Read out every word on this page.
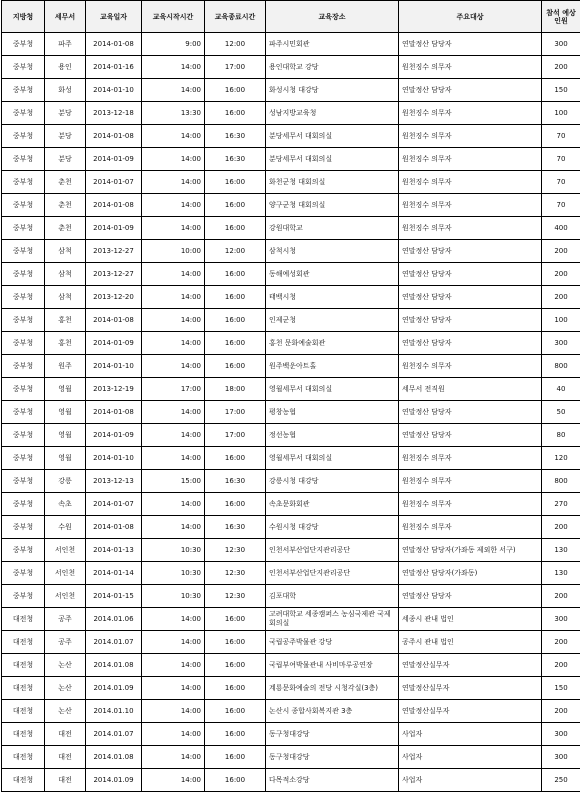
지방청	세무서	교육일자	교육시작시간	교육종료시간	교육장소	주요대상	참석 예상인원
중부청	파주	2014-01-08	9:00	12:00	파주시민회관	연말정산 담당자	300
중부청	용인	2014-01-16	14:00	17:00	용인대학교 강당	원천징수 의무자	200
중부청	화성	2014-01-10	14:00	16:00	화성시청 대강당	연말정산 담당자	150
중부청	분당	2013-12-18	13:30	16:00	성남지방교육청	원천징수 의무자	100
중부청	분당	2014-01-08	14:00	16:30	분당세무서 대회의실	원천징수 의무자	70
중부청	분당	2014-01-09	14:00	16:30	분당세무서 대회의실	원천징수 의무자	70
중부청	춘천	2014-01-07	14:00	16:00	화천군청 대회의실	원천징수 의무자	70
중부청	춘천	2014-01-08	14:00	16:00	양구군청 대회의실	원천징수 의무자	70
중부청	춘천	2014-01-09	14:00	16:00	강원대학교	원천징수 의무자	400
중부청	삼척	2013-12-27	10:00	12:00	삼척시청	연말정산 담당자	200
중부청	삼척	2013-12-27	14:00	16:00	동해예성회관	연말정산 담당자	200
중부청	삼척	2013-12-20	14:00	16:00	태백시청	연말정산 담당자	200
중부청	홍천	2014-01-08	14:00	16:00	인제군청	연말정산 담당자	100
중부청	홍천	2014-01-09	14:00	16:00	홍천 문화예술회관	연말정산 담당자	300
중부청	원주	2014-01-10	14:00	16:00	원주백운아트홀	원천징수 의무자	800
중부청	영월	2013-12-19	17:00	18:00	영월세무서 대회의실	세무서 전직원	40
중부청	영월	2014-01-08	14:00	17:00	평창농협	연말정산 담당자	50
중부청	영월	2014-01-09	14:00	17:00	정선농협	연말정산 담당자	80
중부청	영월	2014-01-10	14:00	16:00	영월세무서 대회의실	원천징수 의무자	120
중부청	강릉	2013-12-13	15:00	16:30	강릉시청 대강당	원천징수 의무자	800
중부청	속초	2014-01-07	14:00	16:00	속초문화회관	원천징수 의무자	270
중부청	수원	2014-01-08	14:00	16:30	수원시청 대강당	원천징수 의무자	200
중부청	서인천	2014-01-13	10:30	12:30	인천서부산업단지관리공단	연말정산 담당자(가좌동 제외한 서구)	130
중부청	서인천	2014-01-14	10:30	12:30	인천서부산업단지관리공단	연말정산 담당자(가좌동)	130
중부청	서인천	2014-01-15	10:30	12:30	김포대학	연말정산 담당자	200
대전청	공주	2014.01.06	14:00	16:00	고려대학교 세종캠퍼스 농심국제관 국제회의실	세종시 관내 법인	300
대전청	공주	2014.01.07	14:00	16:00	국립공주박물관 강당	공주시 관내 법인	200
대전청	논산	2014.01.08	14:00	16:00	국립부여박물관내 사비마루공연장	연말정산실무자	200
대전청	논산	2014.01.09	14:00	16:00	계룡문화예술의 전당 시청각실(3층)	연말정산실무자	150
대전청	논산	2014.01.10	14:00	16:00	논산시 종합사회복지관 3층	연말정산실무자	200
대전청	대전	2014.01.07	14:00	16:00	동구청대강당	사업자	300
대전청	대전	2014.01.08	14:00	16:00	동구청대강당	사업자	300
대전청	대전	2014.01.09	14:00	16:00	다목적소강당	사업자	250
